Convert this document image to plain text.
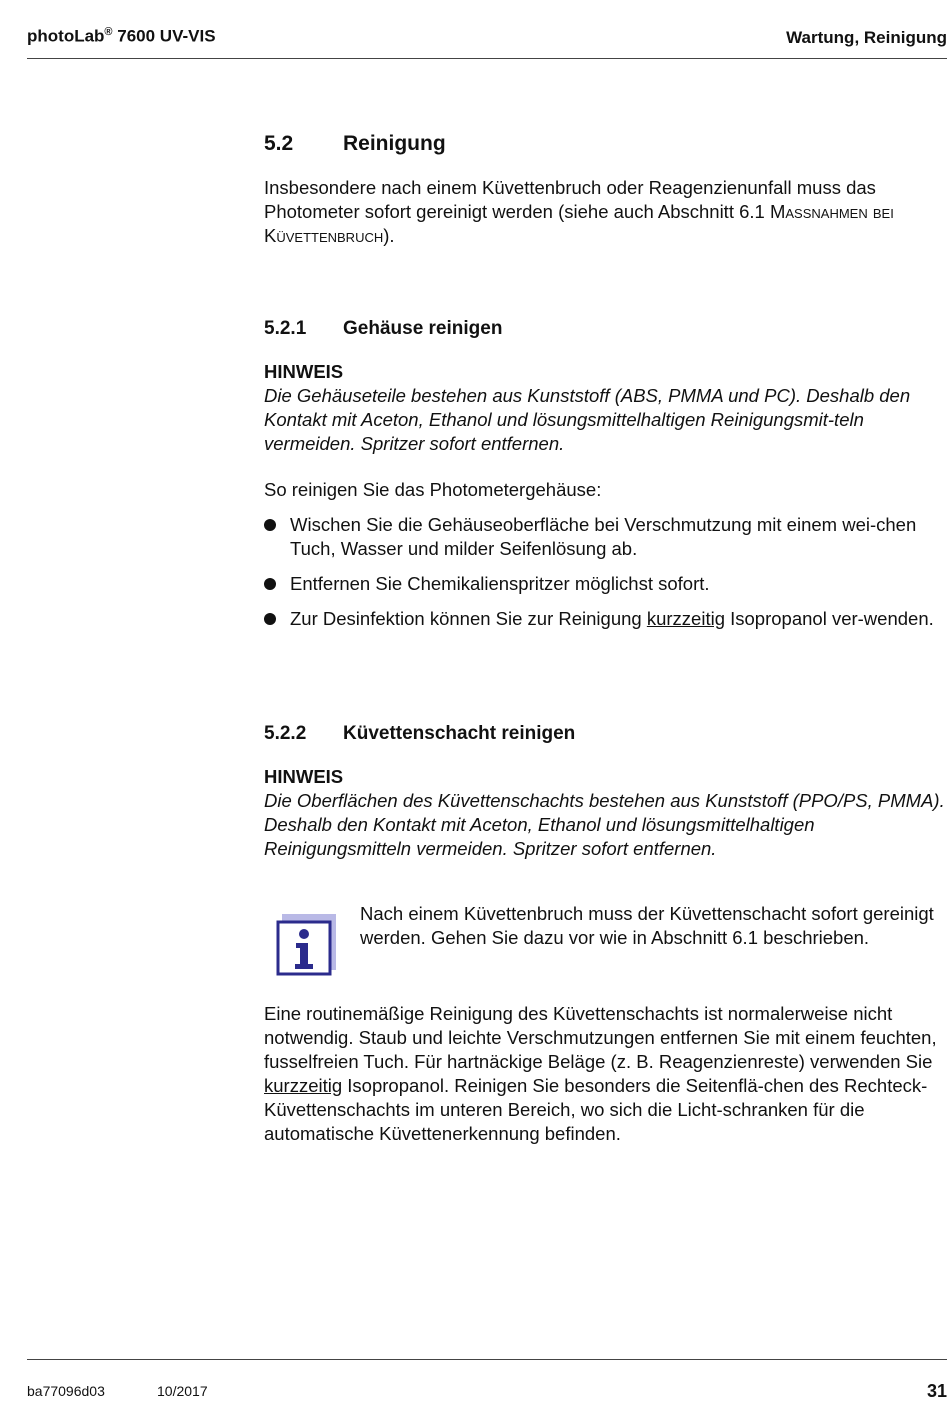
photoLab® 7600 UV-VIS	Wartung, Reinigung
5.2 Reinigung
Insbesondere nach einem Küvettenbruch oder Reagenzienunfall muss das Photometer sofort gereinigt werden (siehe auch Abschnitt 6.1 Maßnahmen bei Küvettenbruch).
5.2.1 Gehäuse reinigen
HINWEIS
Die Gehäuseteile bestehen aus Kunststoff (ABS, PMMA und PC). Deshalb den Kontakt mit Aceton, Ethanol und lösungsmittelhaltigen Reinigungsmit-teln vermeiden. Spritzer sofort entfernen.
So reinigen Sie das Photometergehäuse:
Wischen Sie die Gehäuseoberfläche bei Verschmutzung mit einem wei-chen Tuch, Wasser und milder Seifenlösung ab.
Entfernen Sie Chemikalienspritzer möglichst sofort.
Zur Desinfektion können Sie zur Reinigung kurzzeitig Isopropanol ver-wenden.
5.2.2 Küvettenschacht reinigen
HINWEIS
Die Oberflächen des Küvettenschachts bestehen aus Kunststoff (PPO/PS, PMMA). Deshalb den Kontakt mit Aceton, Ethanol und lösungsmittelhaltigen Reinigungsmitteln vermeiden. Spritzer sofort entfernen.
Nach einem Küvettenbruch muss der Küvettenschacht sofort gereinigt werden. Gehen Sie dazu vor wie in Abschnitt 6.1 beschrieben.
Eine routinemäßige Reinigung des Küvettenschachts ist normalerweise nicht notwendig. Staub und leichte Verschmutzungen entfernen Sie mit einem feuchten, fusselfreien Tuch. Für hartnäckige Beläge (z. B. Reagenzienreste) verwenden Sie kurzzeitig Isopropanol. Reinigen Sie besonders die Seitenflä-chen des Rechteck-Küvettenschachts im unteren Bereich, wo sich die Licht-schranken für die automatische Küvettenerkennung befinden.
ba77096d03	10/2017	31
